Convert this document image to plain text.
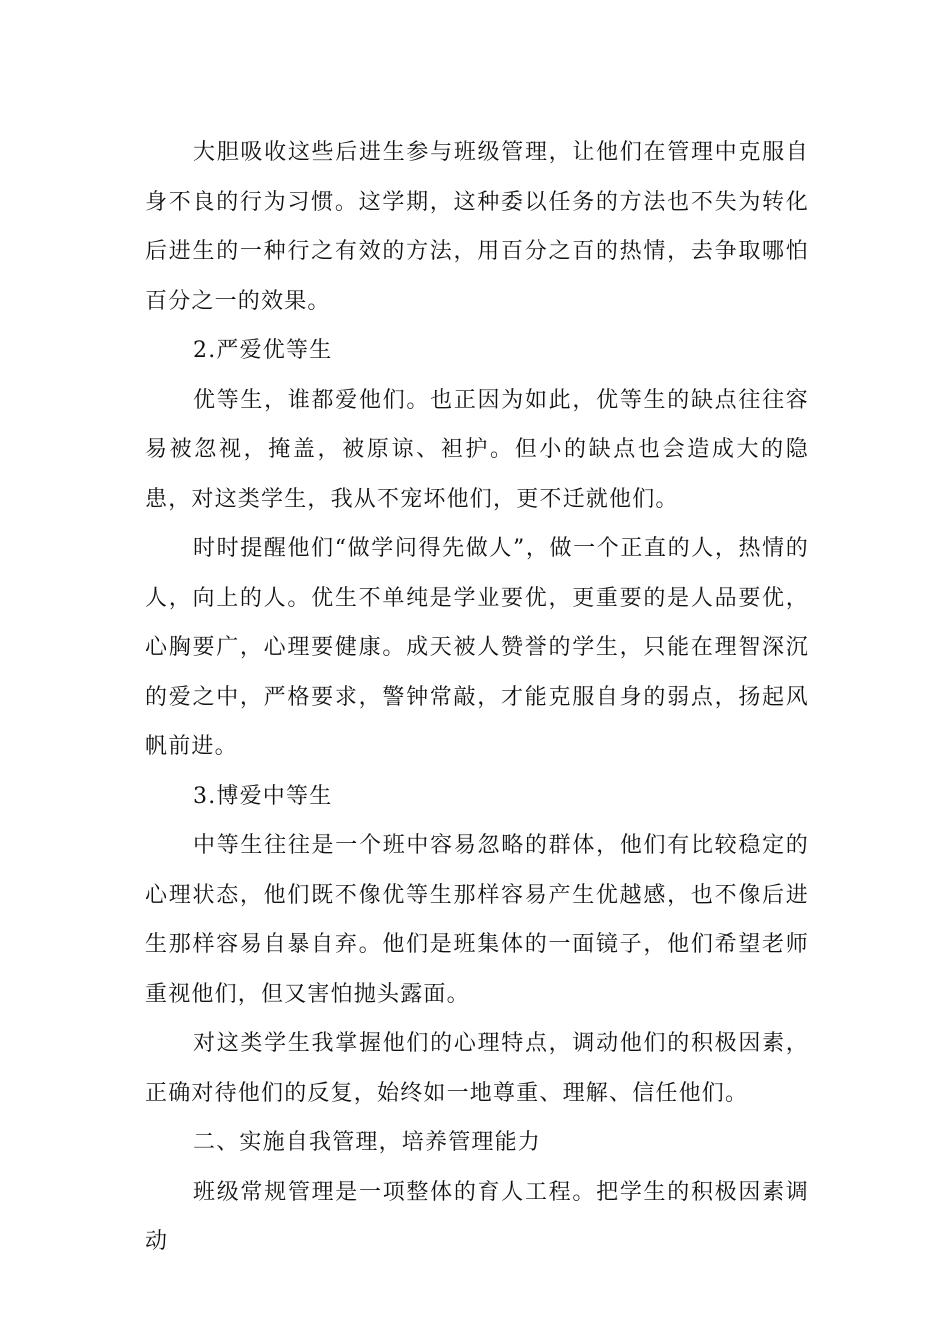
大胆吸收这些后进生参与班级管理，让他们在管理中克服自身不良的行为习惯。这学期，这种委以任务的方法也不失为转化后进生的一种行之有效的方法，用百分之百的热情，去争取哪怕百分之一的效果。

2.严爱优等生

优等生，谁都爱他们。也正因为如此，优等生的缺点往往容易被忽视，掩盖，被原谅、袒护。但小的缺点也会造成大的隐患，对这类学生，我从不宠坏他们，更不迁就他们。

时时提醒他们“做学问得先做人”，做一个正直的人，热情的人，向上的人。优生不单纯是学业要优，更重要的是人品要优，心胸要广，心理要健康。成天被人赞誉的学生，只能在理智深沉的爱之中，严格要求，警钟常敲，才能克服自身的弱点，扬起风帆前进。

3.博爱中等生

中等生往往是一个班中容易忽略的群体，他们有比较稳定的心理状态，他们既不像优等生那样容易产生优越感，也不像后进生那样容易自暴自弃。他们是班集体的一面镜子，他们希望老师重视他们，但又害怕抛头露面。

对这类学生我掌握他们的心理特点，调动他们的积极因素，正确对待他们的反复，始终如一地尊重、理解、信任他们。

二、实施自我管理，培养管理能力

班级常规管理是一项整体的育人工程。把学生的积极因素调动
